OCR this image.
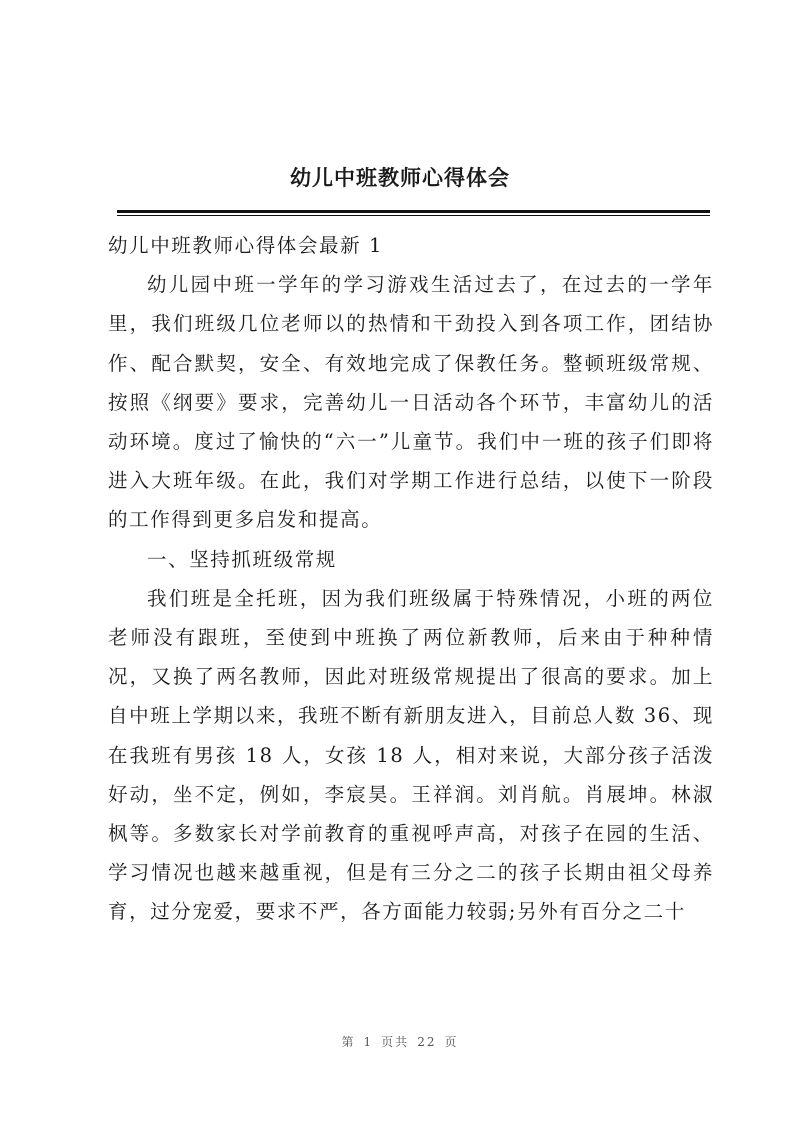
幼儿中班教师心得体会

幼儿中班教师心得体会最新 1

幼儿园中班一学年的学习游戏生活过去了，在过去的一学年里，我们班级几位老师以的热情和干劲投入到各项工作，团结协作、配合默契，安全、有效地完成了保教任务。整顿班级常规、按照《纲要》要求，完善幼儿一日活动各个环节，丰富幼儿的活动环境。度过了愉快的“六一”儿童节。我们中一班的孩子们即将进入大班年级。在此，我们对学期工作进行总结，以使下一阶段的工作得到更多启发和提高。

一、坚持抓班级常规

我们班是全托班，因为我们班级属于特殊情况，小班的两位老师没有跟班，至使到中班换了两位新教师，后来由于种种情况，又换了两名教师，因此对班级常规提出了很高的要求。加上自中班上学期以来，我班不断有新朋友进入，目前总人数 36、现在我班有男孩 18 人，女孩 18 人，相对来说，大部分孩子活泼好动，坐不定，例如，李宸昊。王祥润。刘肖航。肖展坤。林淑枫等。多数家长对学前教育的重视呼声高，对孩子在园的生活、学习情况也越来越重视，但是有三分之二的孩子长期由祖父母养育，过分宠爱，要求不严，各方面能力较弱;另外有百分之二十

第 1 页共 22 页
